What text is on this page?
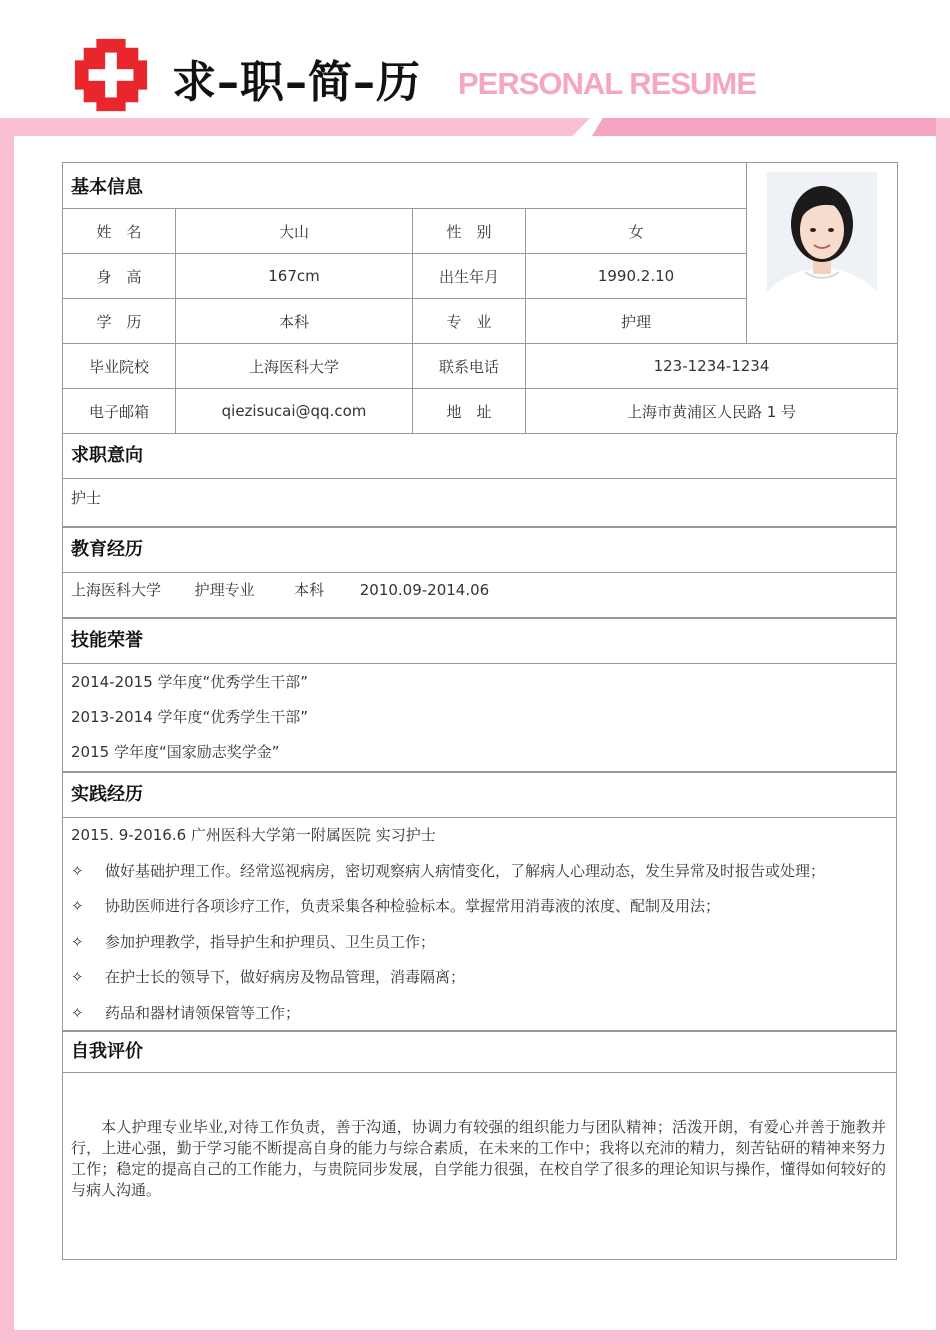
求–职–简–历 PERSONAL RESUME
基本信息	

姓　名	大山	性　别	女	
身　高	167cm	出生年月	1990.2.10	
学　历	本科	专　业	护理	
毕业院校	上海医科大学	联系电话	123-1234-1234	
电子邮箱	qiezisucai@qq.com	地　址	上海市黄浦区人民路 1 号	
求职意向
护士
教育经历
上海医科大学 护理专业	本科 2010.09-2014.06
技能荣誉
2014-2015 学年度“优秀学生干部”
2013-2014 学年度“优秀学生干部”
2015 学年度“国家励志奖学金”
实践经历
2015. 9-2016.6 广州医科大学第一附属医院 实习护士
✧	做好基础护理工作。经常巡视病房，密切观察病人病情变化，了解病人心理动态，发生异常及时报告或处理；
✧	协助医师进行各项诊疗工作，负责采集各种检验标本。掌握常用消毒液的浓度、配制及用法；
✧	参加护理教学，指导护生和护理员、卫生员工作；
✧	在护士长的领导下，做好病房及物品管理，消毒隔离；
✧	药品和器材请领保管等工作；
自我评价
本人护理专业毕业,对待工作负责，善于沟通，协调力有较强的组织能力与团队精神；活泼开朗，有爱心并善于施教并行，上进心强，勤于学习能不断提高自身的能力与综合素质，在未来的工作中；我将以充沛的精力，刻苦钻研的精神来努力工作；稳定的提高自己的工作能力，与贵院同步发展，自学能力很强，在校自学了很多的理论知识与操作，懂得如何较好的与病人沟通。
